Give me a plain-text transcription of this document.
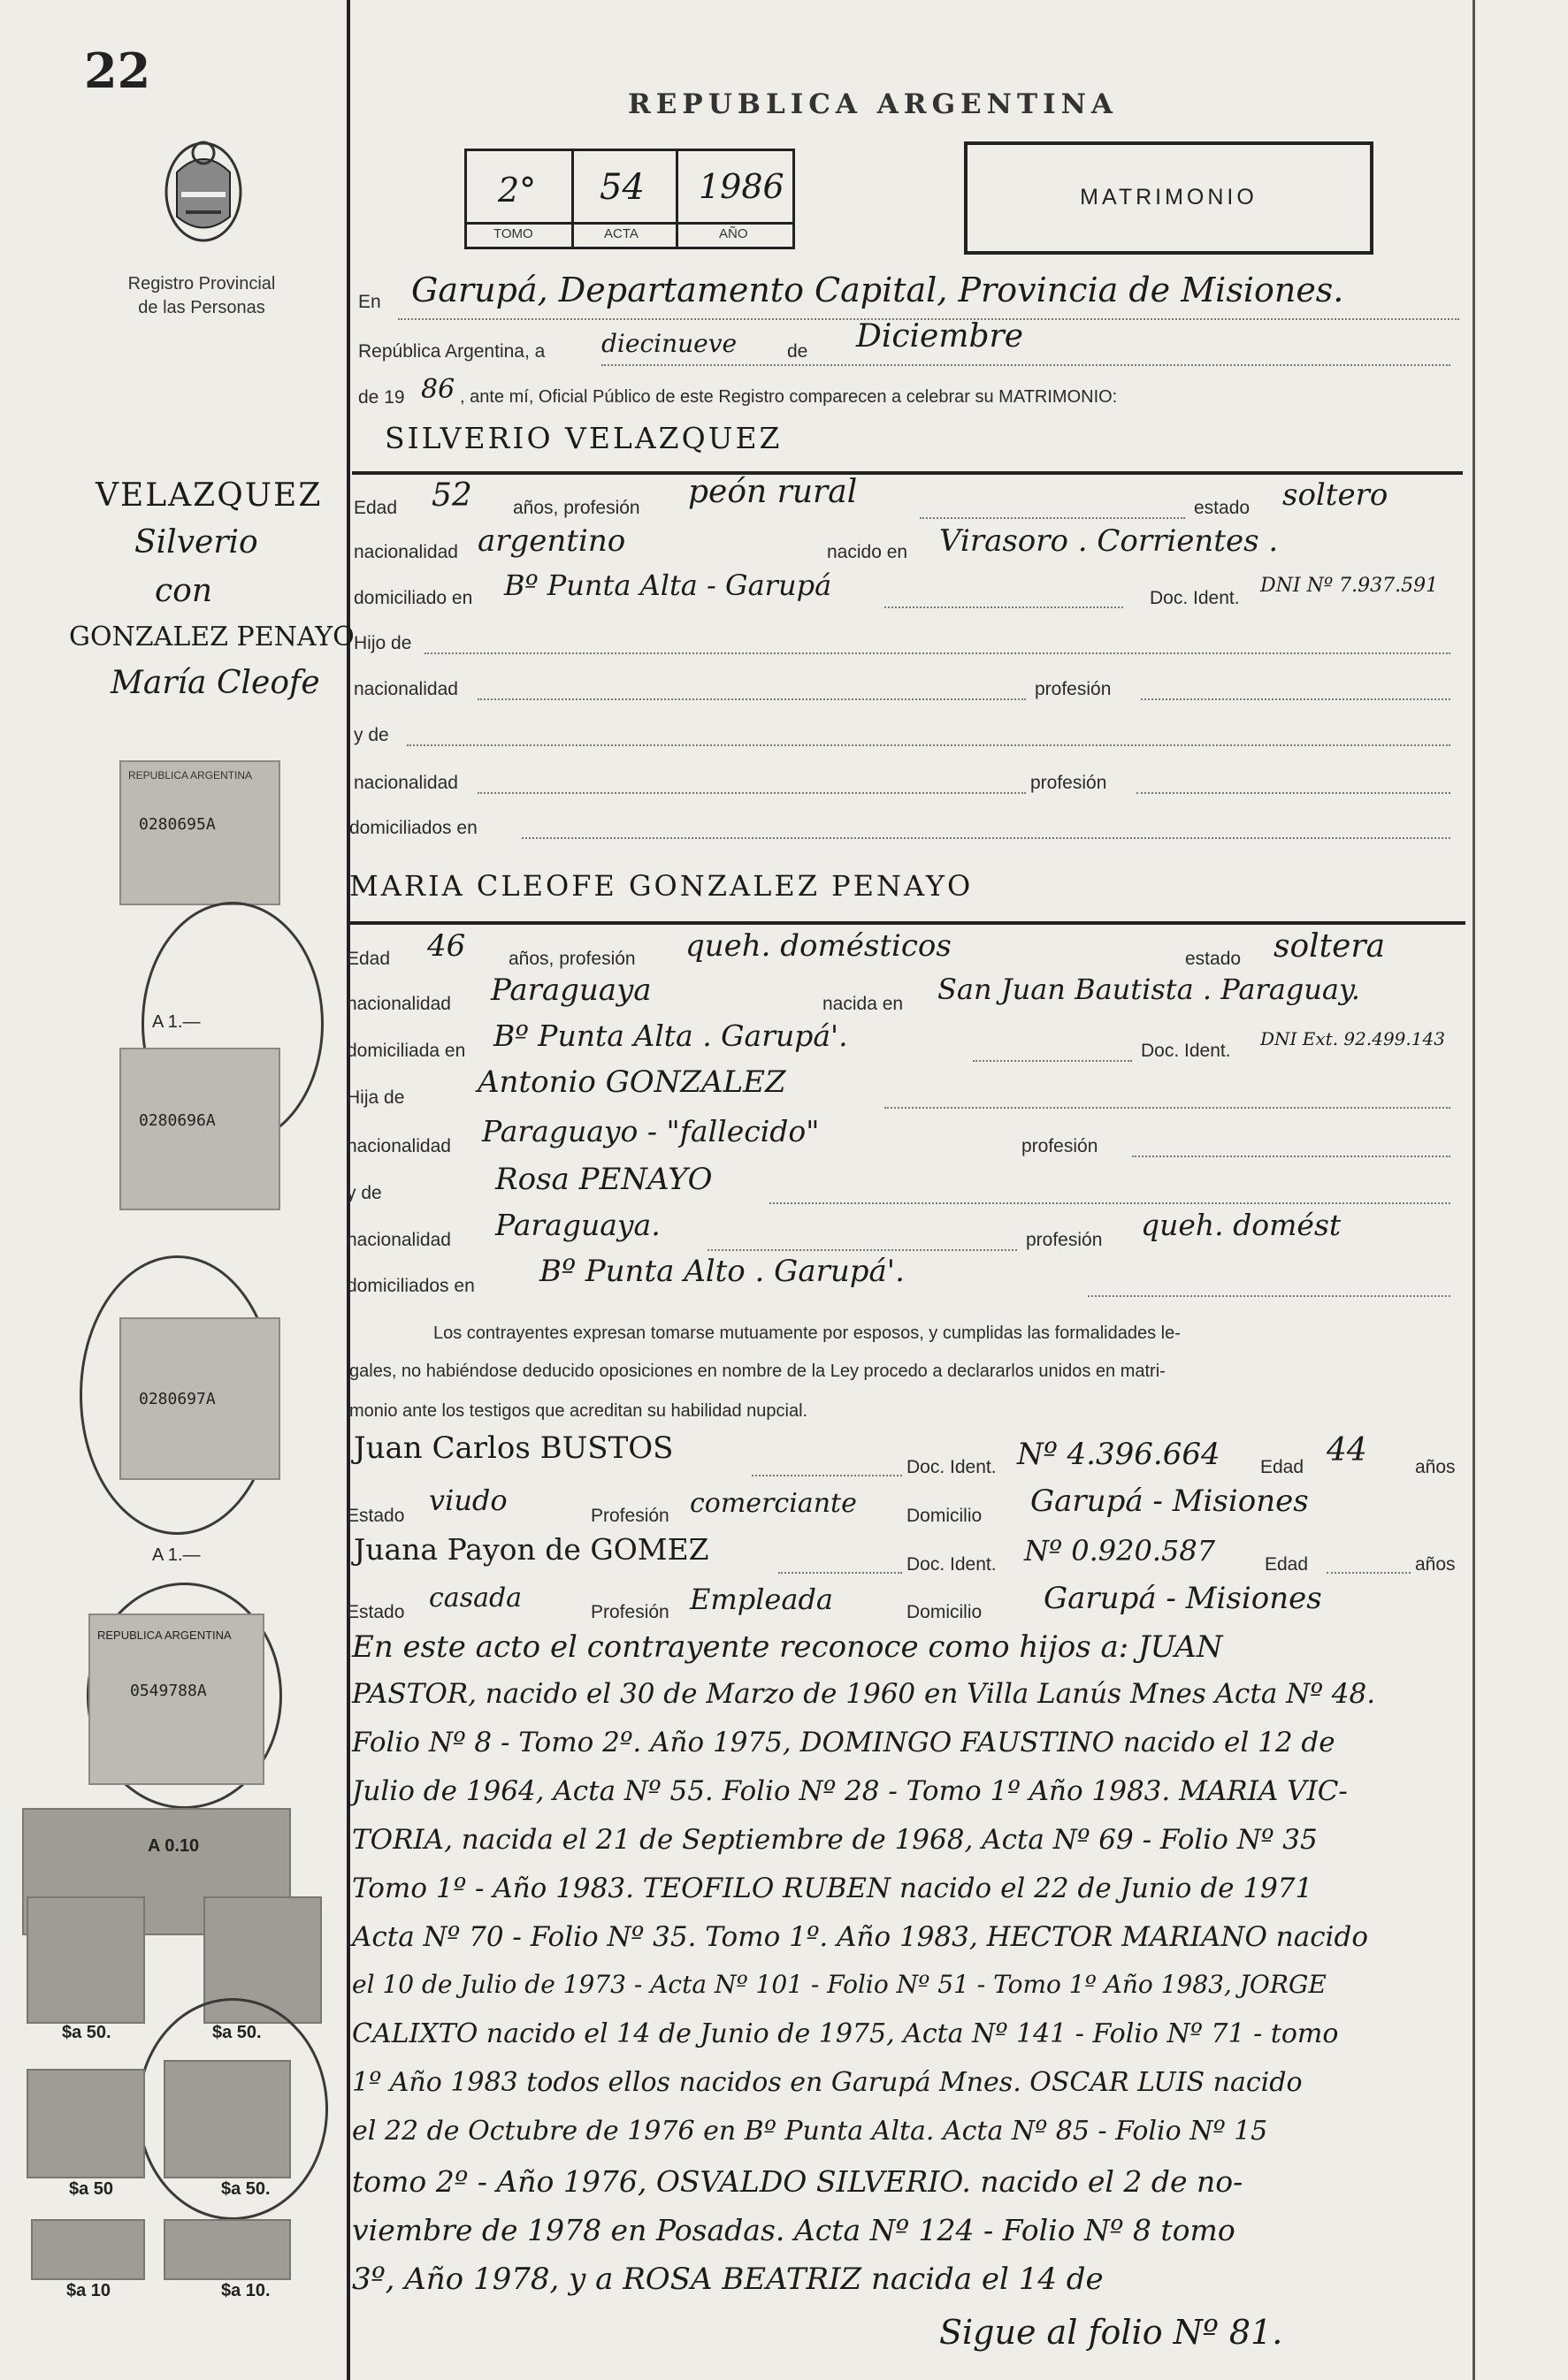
22
Registro Provincial
de las Personas
REPUBLICA ARGENTINA
2° 54 1986
TOMO	ACTA	AÑO
MATRIMONIO
VELAZQUEZ
Silverio
con
GONZALEZ PENAYO
María Cleofe
REPUBLICA ARGENTINA
0280695A
A 1.—
0280696A
0280697A
A 1.—
REPUBLICA ARGENTINA
0549788A
A 0.10
$a 50.	$a 50.
$a 50	$a 50.
$a 10	$a 10.
En Garupá, Departamento Capital, Provincia de Misiones.
República Argentina, a diecinueve	de Diciembre
de 19 86 , ante mí, Oficial Público de este Registro comparecen a celebrar su MATRIMONIO:
SILVERIO VELAZQUEZ
Edad 52 años, profesión peón rural	estado soltero
nacionalidad argentino	nacido en Virasoro . Corrientes .
domiciliado en Bº Punta Alta - Garupá	Doc. Ident.
DNI Nº 7.937.591
Hijo de
nacionalidad	profesión
y de
nacionalidad	profesión
domiciliados en
MARIA CLEOFE GONZALEZ PENAYO
Edad 46 años, profesión queh. domésticos	estado soltera
nacionalidad Paraguaya	nacida en San Juan Bautista . Paraguay.
domiciliada en Bº Punta Alta . Garupá'.	Doc. Ident.
DNI Ext. 92.499.143
Hija de Antonio GONZALEZ
nacionalidad Paraguayo - "fallecido"	profesión
y de	Rosa PENAYO
nacionalidad Paraguaya.	profesión queh. domést
domiciliados en Bº Punta Alto . Garupá'.
Los contrayentes expresan tomarse mutuamente por esposos, y cumplidas las formalidades le-
gales, no habiéndose deducido oposiciones en nombre de la Ley procedo a declararlos unidos en matri-
monio ante los testigos que acreditan su habilidad nupcial.
Juan Carlos BUSTOS
Doc. Ident. Nº 4.396.664 Edad 44	años
Estado viudo	Profesión comerciante	Domicilio Garupá - Misiones
Juana Payon de GOMEZ	Doc. Ident. Nº 0.920.587	Edad	años
Estado casada	Profesión Empleada	Domicilio Garupá - Misiones
En este acto el contrayente reconoce como hijos a: JUAN
PASTOR, nacido el 30 de Marzo de 1960 en Villa Lanús Mnes Acta Nº 48.
Folio Nº 8 - Tomo 2º. Año 1975, DOMINGO FAUSTINO nacido el 12 de
Julio de 1964, Acta Nº 55. Folio Nº 28 - Tomo 1º Año 1983. MARIA VIC-
TORIA, nacida el 21 de Septiembre de 1968, Acta Nº 69 - Folio Nº 35
Tomo 1º - Año 1983. TEOFILO RUBEN nacido el 22 de Junio de 1971
Acta Nº 70 - Folio Nº 35. Tomo 1º. Año 1983, HECTOR MARIANO nacido
el 10 de Julio de 1973 - Acta Nº 101 - Folio Nº 51 - Tomo 1º Año 1983, JORGE
CALIXTO nacido el 14 de Junio de 1975, Acta Nº 141 - Folio Nº 71 - tomo
1º Año 1983 todos ellos nacidos en Garupá Mnes. OSCAR LUIS nacido
el 22 de Octubre de 1976 en Bº Punta Alta. Acta Nº 85 - Folio Nº 15
tomo 2º - Año 1976, OSVALDO SILVERIO. nacido el 2 de no-
viembre de 1978 en Posadas. Acta Nº 124 - Folio Nº 8 tomo
3º, Año 1978, y a ROSA BEATRIZ nacida el 14 de
Sigue al folio Nº 81.
